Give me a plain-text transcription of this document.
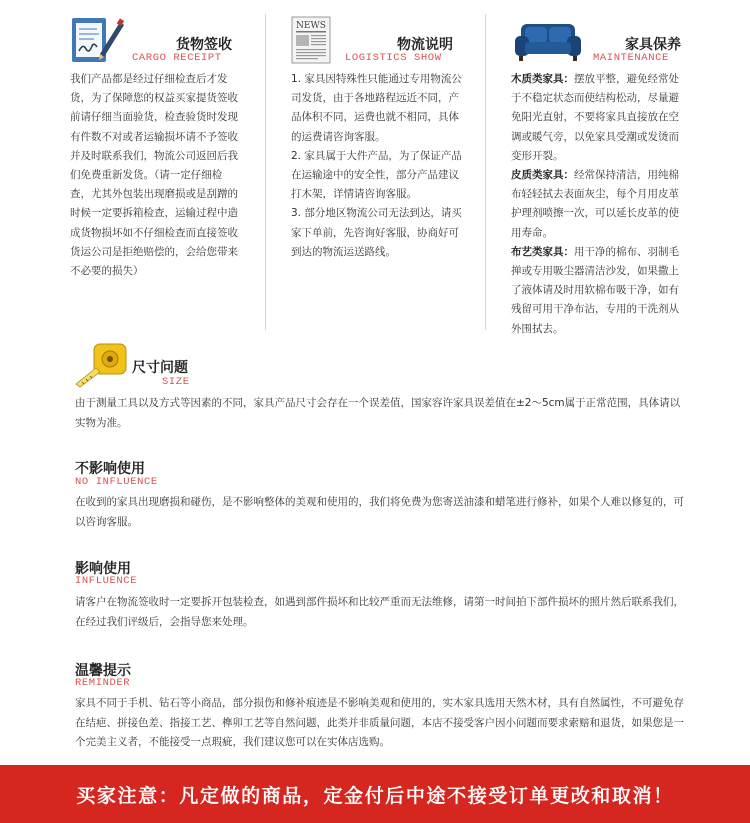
货物签收
CARGO RECEIPT

我们产品都是经过仔细检查后才发货，为了保障您的权益买家提货签收前请仔细当面验货，检查验货时发现有件数不对或者运输损坏请不予签收并及时联系我们，物流公司返回后我们免费重新发货。（请一定仔细检查，尤其外包装出现磨损或是刮蹭的时候一定要拆箱检查，运输过程中造成货物损坏如不仔细检查而直接签收货运公司是拒绝赔偿的，会给您带来不必要的损失）

NEWS
物流说明
LOGISTICS SHOW

1. 家具因特殊性只能通过专用物流公司发货，由于各地路程远近不同，产品体积不同，运费也就不相同，具体的运费请咨询客服。

2. 家具属于大件产品，为了保证产品在运输途中的安全性，部分产品建议打木架，详情请咨询客服。

3. 部分地区物流公司无法到达，请买家下单前，先咨询好客服，协商好可到达的物流运送路线。

家具保养
MAINTENANCE

木质类家具：摆放平整，避免经常处于不稳定状态而使结构松动，尽量避免阳光直射，不要将家具直接放在空调或暖气旁，以免家具受潮或发烫而变形开裂。

皮质类家具：经常保持清洁，用纯棉布轻轻拭去表面灰尘，每个月用皮革护理剂喷擦一次，可以延长皮革的使用寿命。

布艺类家具：用干净的棉布、羽制毛掸或专用吸尘器清洁沙发，如果撒上了液体请及时用软棉布吸干净，如有残留可用干净布沾，专用的干洗剂从外围拭去。

尺寸问题
SIZE
由于测量工具以及方式等因素的不同，家具产品尺寸会存在一个误差值，国家容许家具误差值在±2～5cm属于正常范围，具体请以实物为准。
不影响使用
NO INFLUENCE
在收到的家具出现磨损和碰伤，是不影响整体的美观和使用的，我们将免费为您寄送油漆和蜡笔进行修补，如果个人难以修复的，可以咨询客服。
影响使用
INFLUENCE
请客户在物流签收时一定要拆开包装检查，如遇到部件损坏和比较严重而无法维修，请第一时间拍下部件损坏的照片然后联系我们，在经过我们评级后，会指导您来处理。
温馨提示
REMINDER
家具不同于手机、钻石等小商品，部分损伤和修补痕迹是不影响美观和使用的，实木家具选用天然木材，具有自然属性，不可避免存在结疤、拼接色差、指接工艺、榫卯工艺等自然问题，此类并非质量问题，本店不接受客户因小问题而要求索赔和退货，如果您是一个完美主义者，不能接受一点瑕疵，我们建议您可以在实体店选购。
买家注意：凡定做的商品，定金付后中途不接受订单更改和取消！
